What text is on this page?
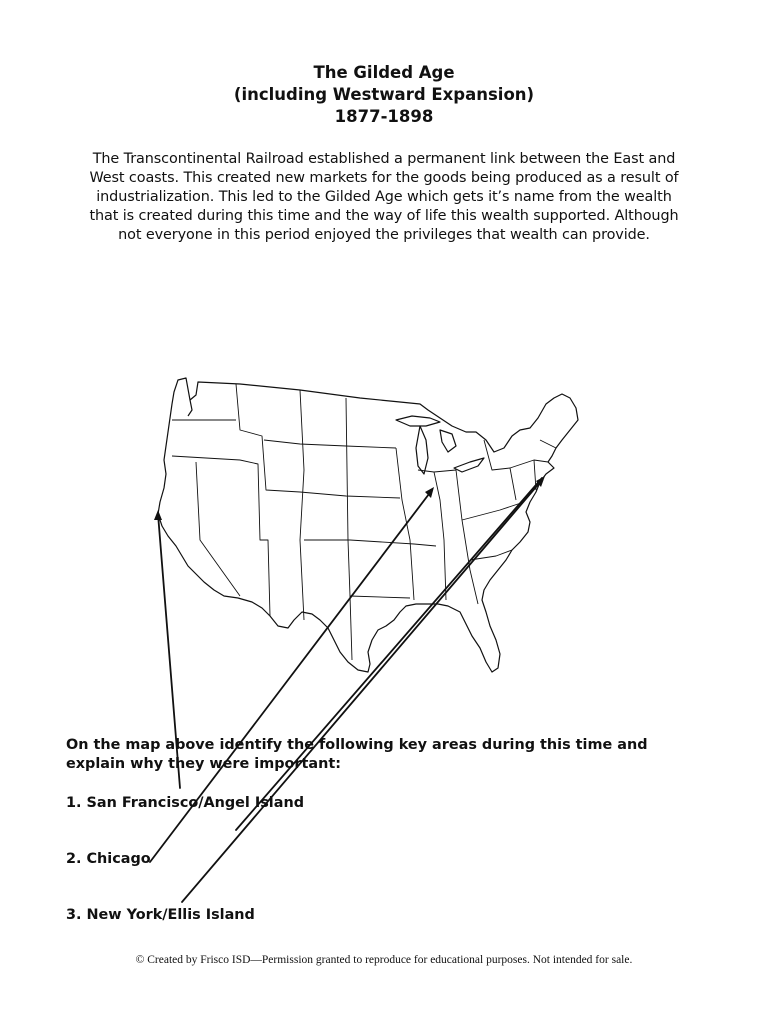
The Gilded Age
(including Westward Expansion)
1877-1898
The Transcontinental Railroad established a permanent link between the East and
West coasts. This created new markets for the goods being produced as a result of
industrialization. This led to the Gilded Age which gets it’s name from the wealth
that is created during this time and the way of life this wealth supported. Although
not everyone in this period enjoyed the privileges that wealth can provide.
On the map above identify the following key areas during this time and
explain why they were important:
1. San Francisco/Angel Island
2. Chicago
3. New York/Ellis Island
© Created by Frisco ISD—Permission granted to reproduce for educational purposes. Not intended for sale.
